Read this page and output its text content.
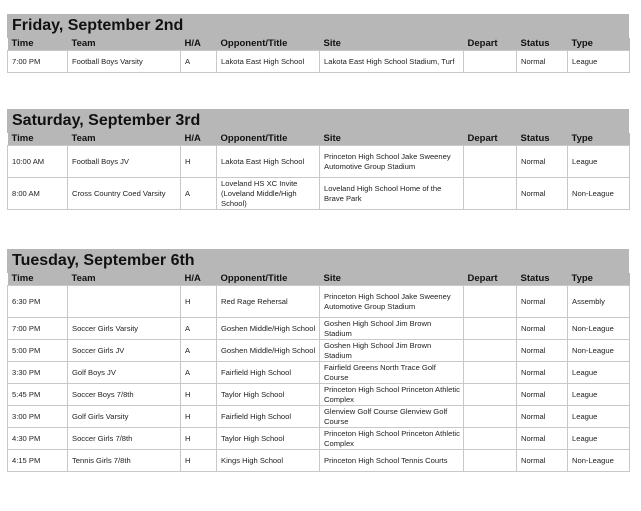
Friday, September 2nd
Time	Team	H/A	Opponent/Title	Site	Depart	Status	Type
7:00 PM	Football Boys Varsity	A	Lakota East High School	Lakota East High School Stadium, Turf		Normal	League
Saturday, September 3rd
Time	Team	H/A	Opponent/Title	Site	Depart	Status	Type
10:00 AM	Football Boys JV	H	Lakota East High School	Princeton High School Jake Sweeney Automotive Group Stadium		Normal	League
8:00 AM	Cross Country Coed Varsity	A	Loveland HS XC Invite (Loveland Middle/High School)	Loveland High School Home of the Brave Park		Normal	Non-League
Tuesday, September 6th
Time	Team	H/A	Opponent/Title	Site	Depart	Status	Type
6:30 PM		H	Red Rage Rehersal	Princeton High School Jake Sweeney Automotive Group Stadium		Normal	Assembly
7:00 PM	Soccer Girls Varsity	A	Goshen Middle/High School	Goshen High School Jim Brown Stadium		Normal	Non-League
5:00 PM	Soccer Girls JV	A	Goshen Middle/High School	Goshen High School Jim Brown Stadium		Normal	Non-League
3:30 PM	Golf Boys JV	A	Fairfield High School	Fairfield Greens North Trace Golf Course		Normal	League
5:45 PM	Soccer Boys 7/8th	H	Taylor High School	Princeton High School Princeton Athletic Complex		Normal	League
3:00 PM	Golf Girls Varsity	H	Fairfield High School	Glenview Golf Course Glenview Golf Course		Normal	League
4:30 PM	Soccer Girls 7/8th	H	Taylor High School	Princeton High School Princeton Athletic Complex		Normal	League
4:15 PM	Tennis Girls 7/8th	H	Kings High School	Princeton High School Tennis Courts		Normal	Non-League
